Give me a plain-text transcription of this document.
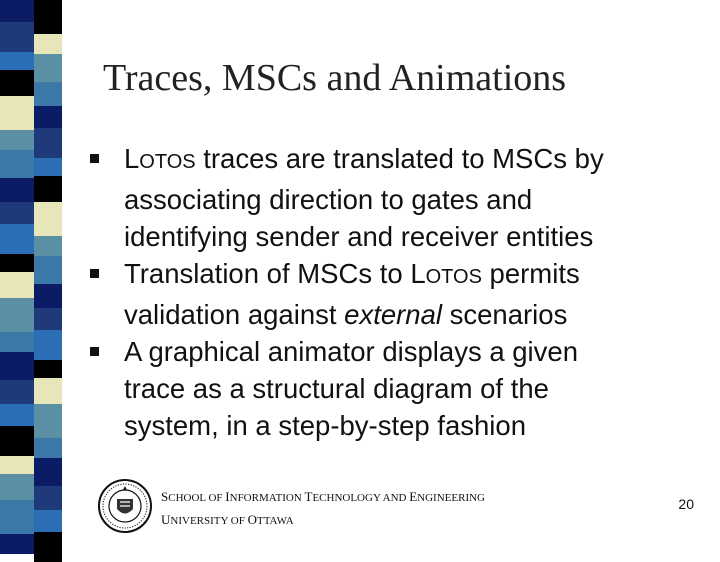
Traces, MSCs and Animations
LOTOS traces are translated to MSCs by
associating direction to gates and
identifying sender and receiver entities
Translation of MSCs to LOTOS permits
validation against external scenarios
A graphical animator displays a given
trace as a structural diagram of the
system, in a step-by-step fashion
SCHOOL OF INFORMATION TECHNOLOGY AND ENGINEERING
UNIVERSITY OF OTTAWA
20
